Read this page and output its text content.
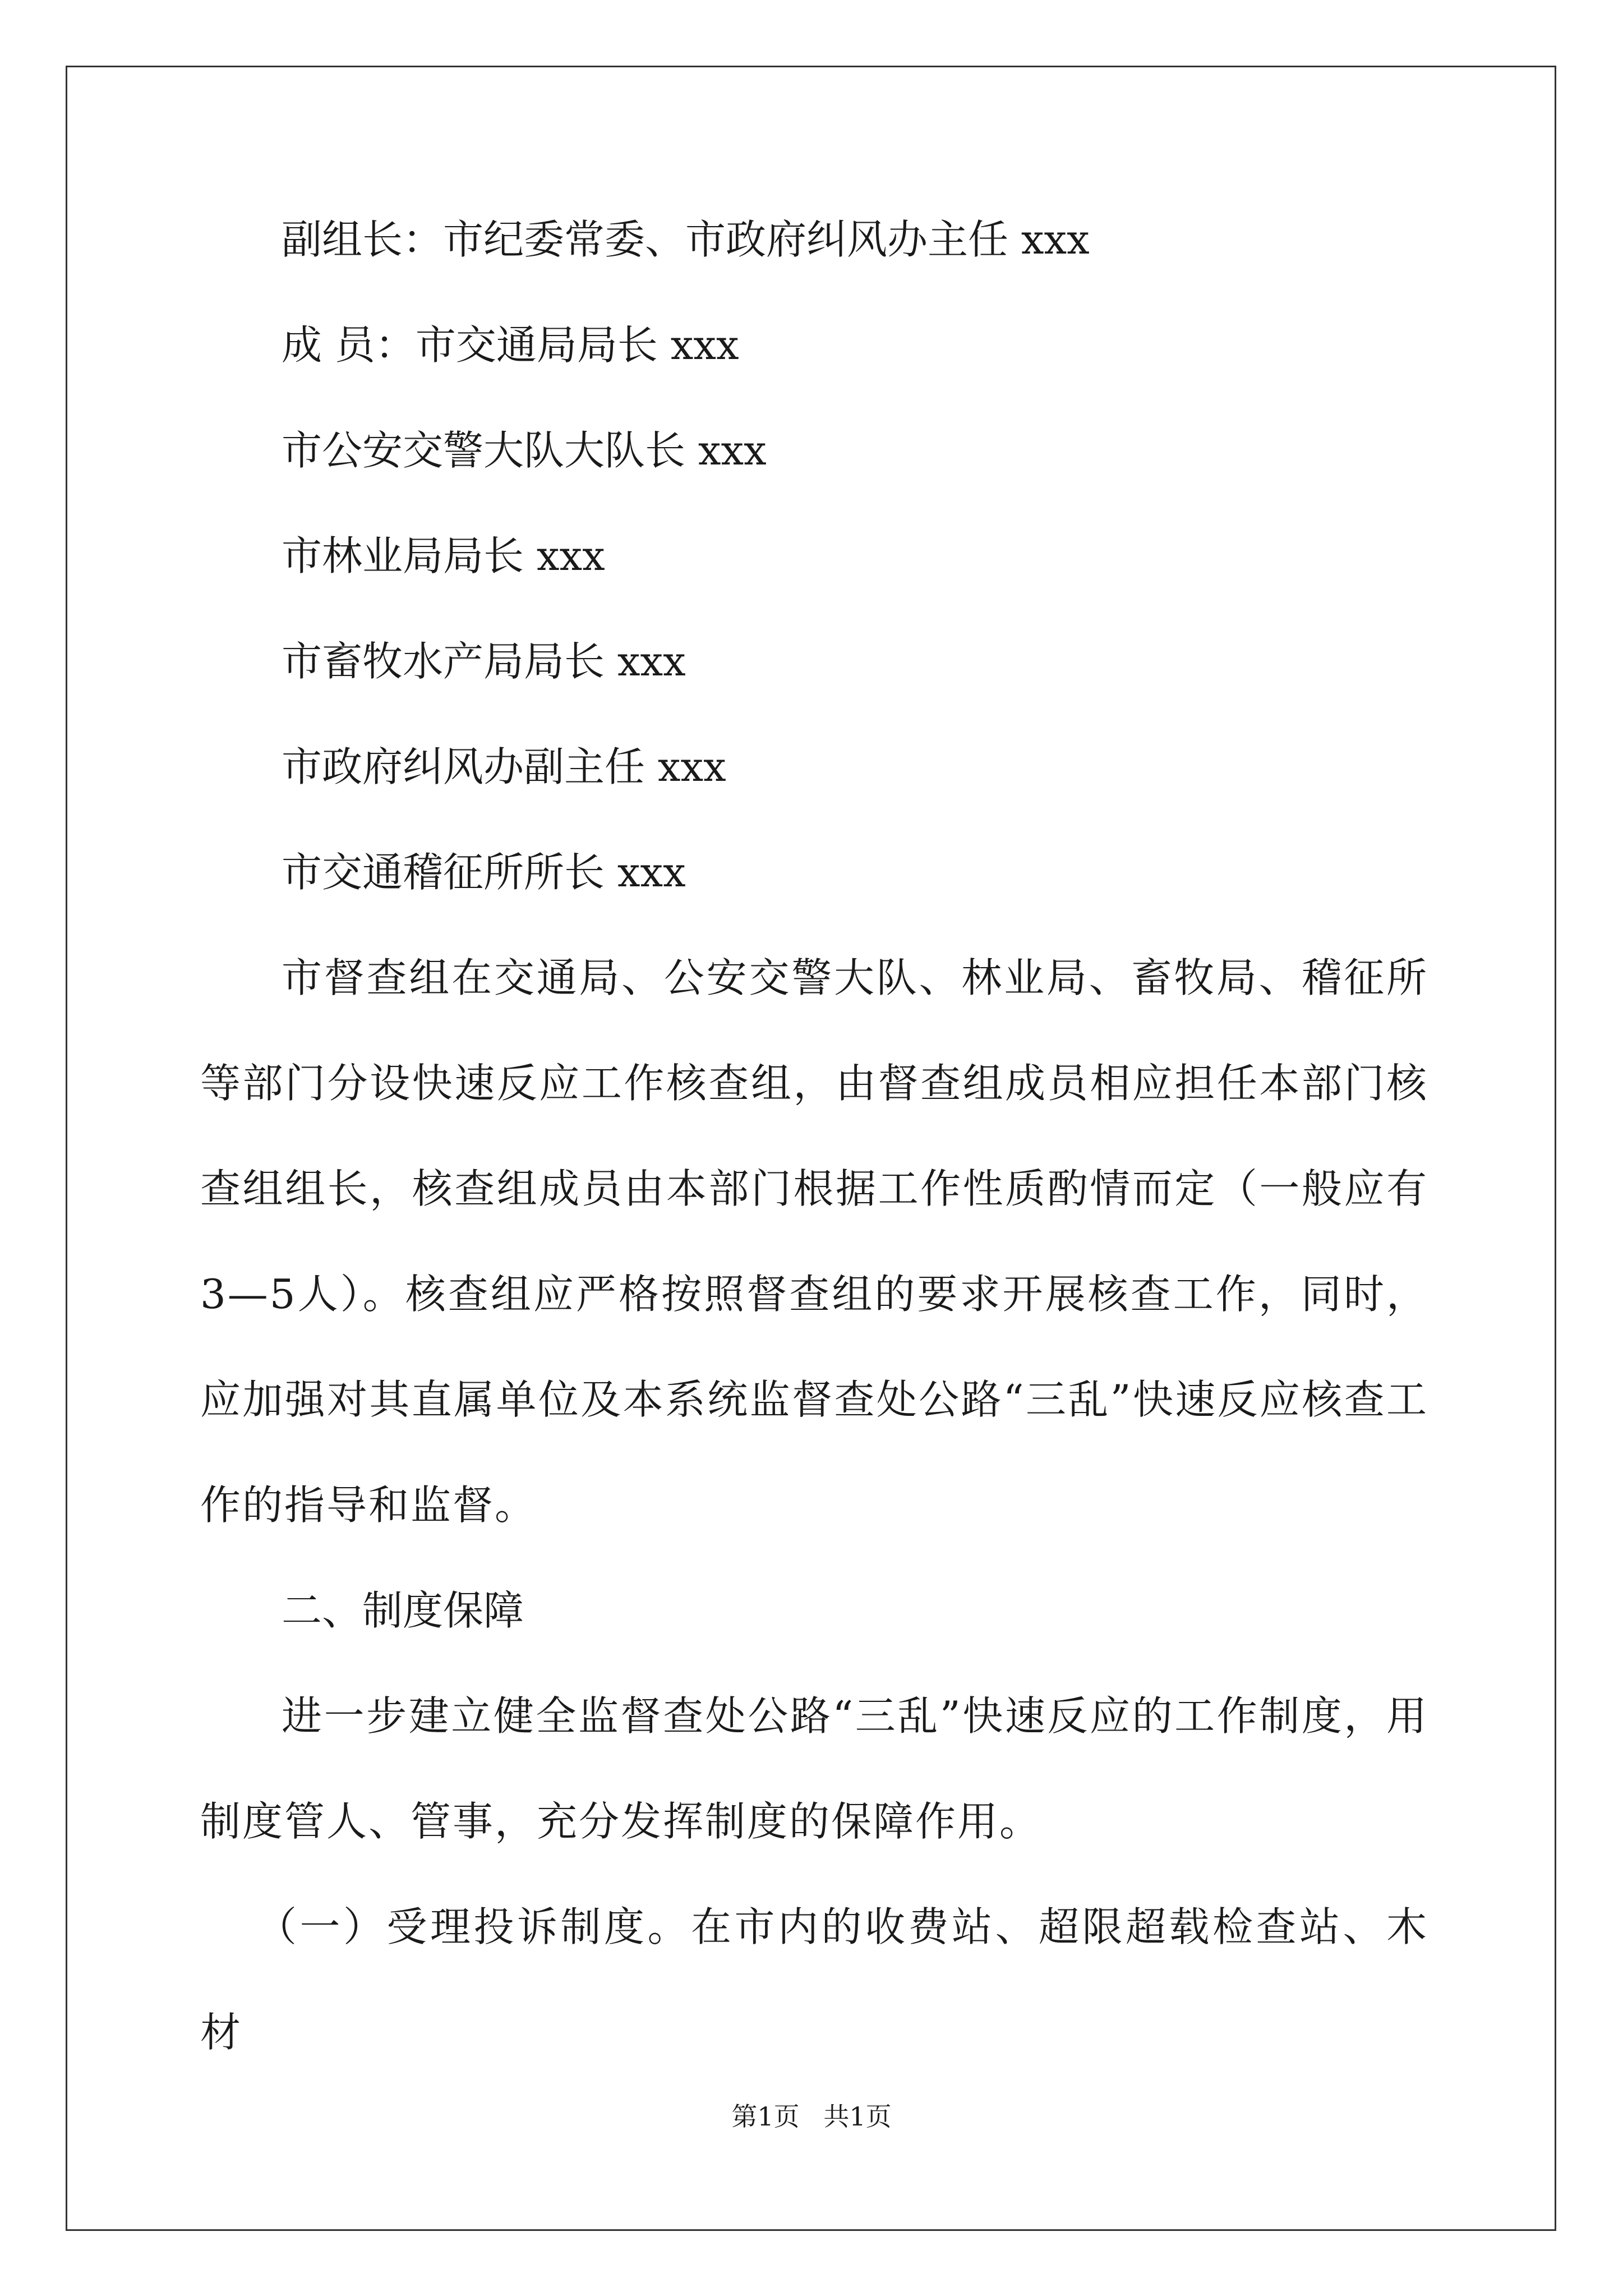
副组长：市纪委常委、市政府纠风办主任 xxx

成 员：市交通局局长 xxx

市公安交警大队大队长 xxx

市林业局局长 xxx

市畜牧水产局局长 xxx

市政府纠风办副主任 xxx

市交通稽征所所长 xxx

市督查组在交通局、公安交警大队、林业局、畜牧局、稽征所等部门分设快速反应工作核查组，由督查组成员相应担任本部门核查组组长，核查组成员由本部门根据工作性质酌情而定（一般应有3—5人）。核查组应严格按照督查组的要求开展核查工作，同时，应加强对其直属单位及本系统监督查处公路“三乱”快速反应核查工作的指导和监督。

二、制度保障

进一步建立健全监督查处公路“三乱”快速反应的工作制度，用制度管人、管事，充分发挥制度的保障作用。

（一）受理投诉制度。在市内的收费站、超限超载检查站、木材

第1页 共1页
